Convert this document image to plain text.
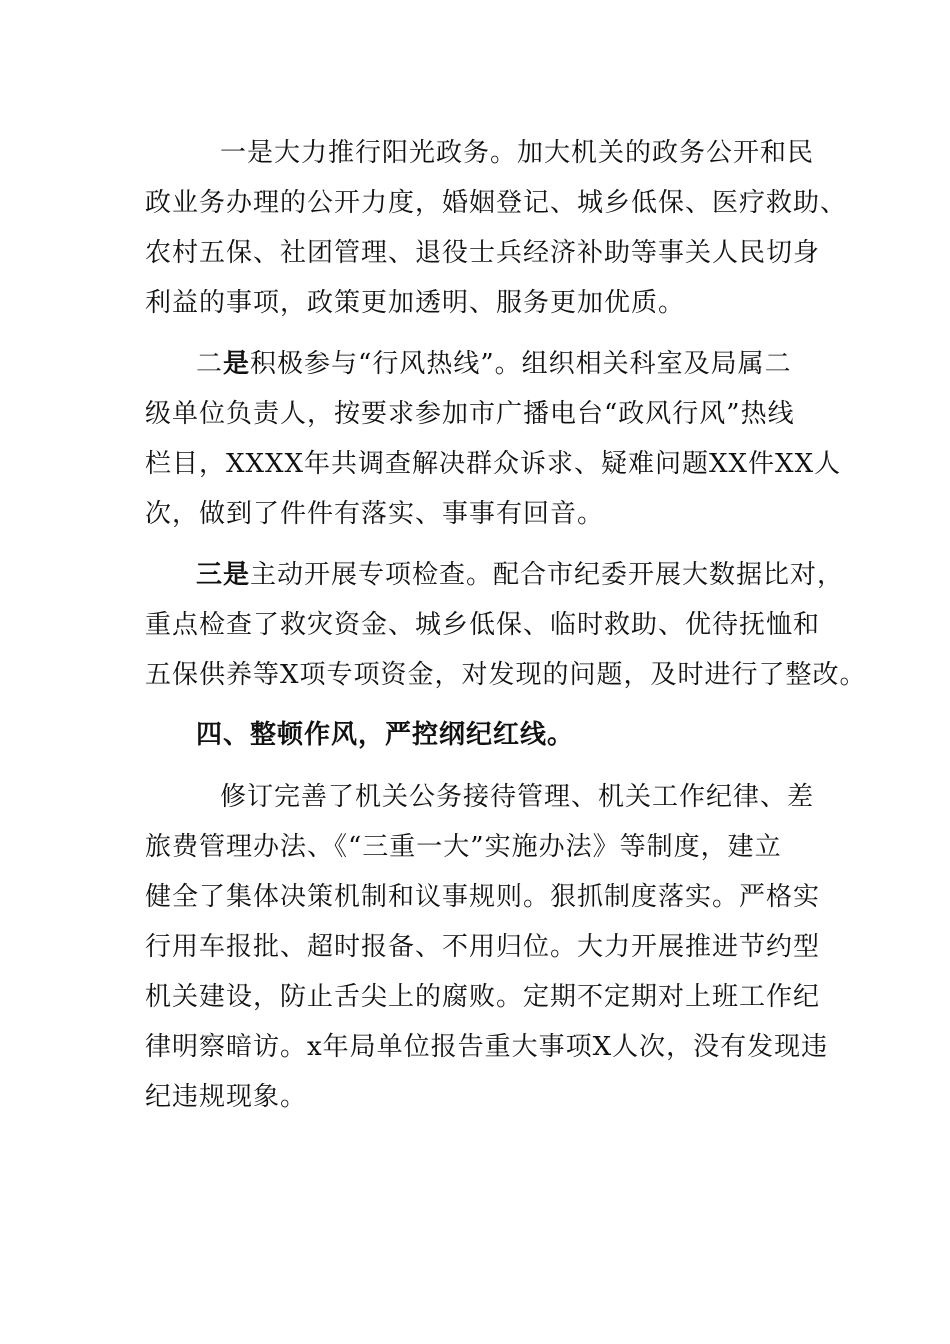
一是大力推行阳光政务。加大机关的政务公开和民
政业务办理的公开力度，婚姻登记、城乡低保、医疗救助、
农村五保、社团管理、退役士兵经济补助等事关人民切身
利益的事项，政策更加透明、服务更加优质。
二是积极参与“行风热线”。组织相关科室及局属二
级单位负责人，按要求参加市广播电台“政风行风”热线
栏目，XXXX年共调查解决群众诉求、疑难问题XX件XX人
次，做到了件件有落实、事事有回音。
三是主动开展专项检查。配合市纪委开展大数据比对，
重点检查了救灾资金、城乡低保、临时救助、优待抚恤和
五保供养等X项专项资金，对发现的问题，及时进行了整改。
四、整顿作风，严控纲纪红线。
修订完善了机关公务接待管理、机关工作纪律、差
旅费管理办法、《“三重一大”实施办法》等制度，建立
健全了集体决策机制和议事规则。狠抓制度落实。严格实
行用车报批、超时报备、不用归位。大力开展推进节约型
机关建设，防止舌尖上的腐败。定期不定期对上班工作纪
律明察暗访。x年局单位报告重大事项X人次，没有发现违
纪违规现象。
